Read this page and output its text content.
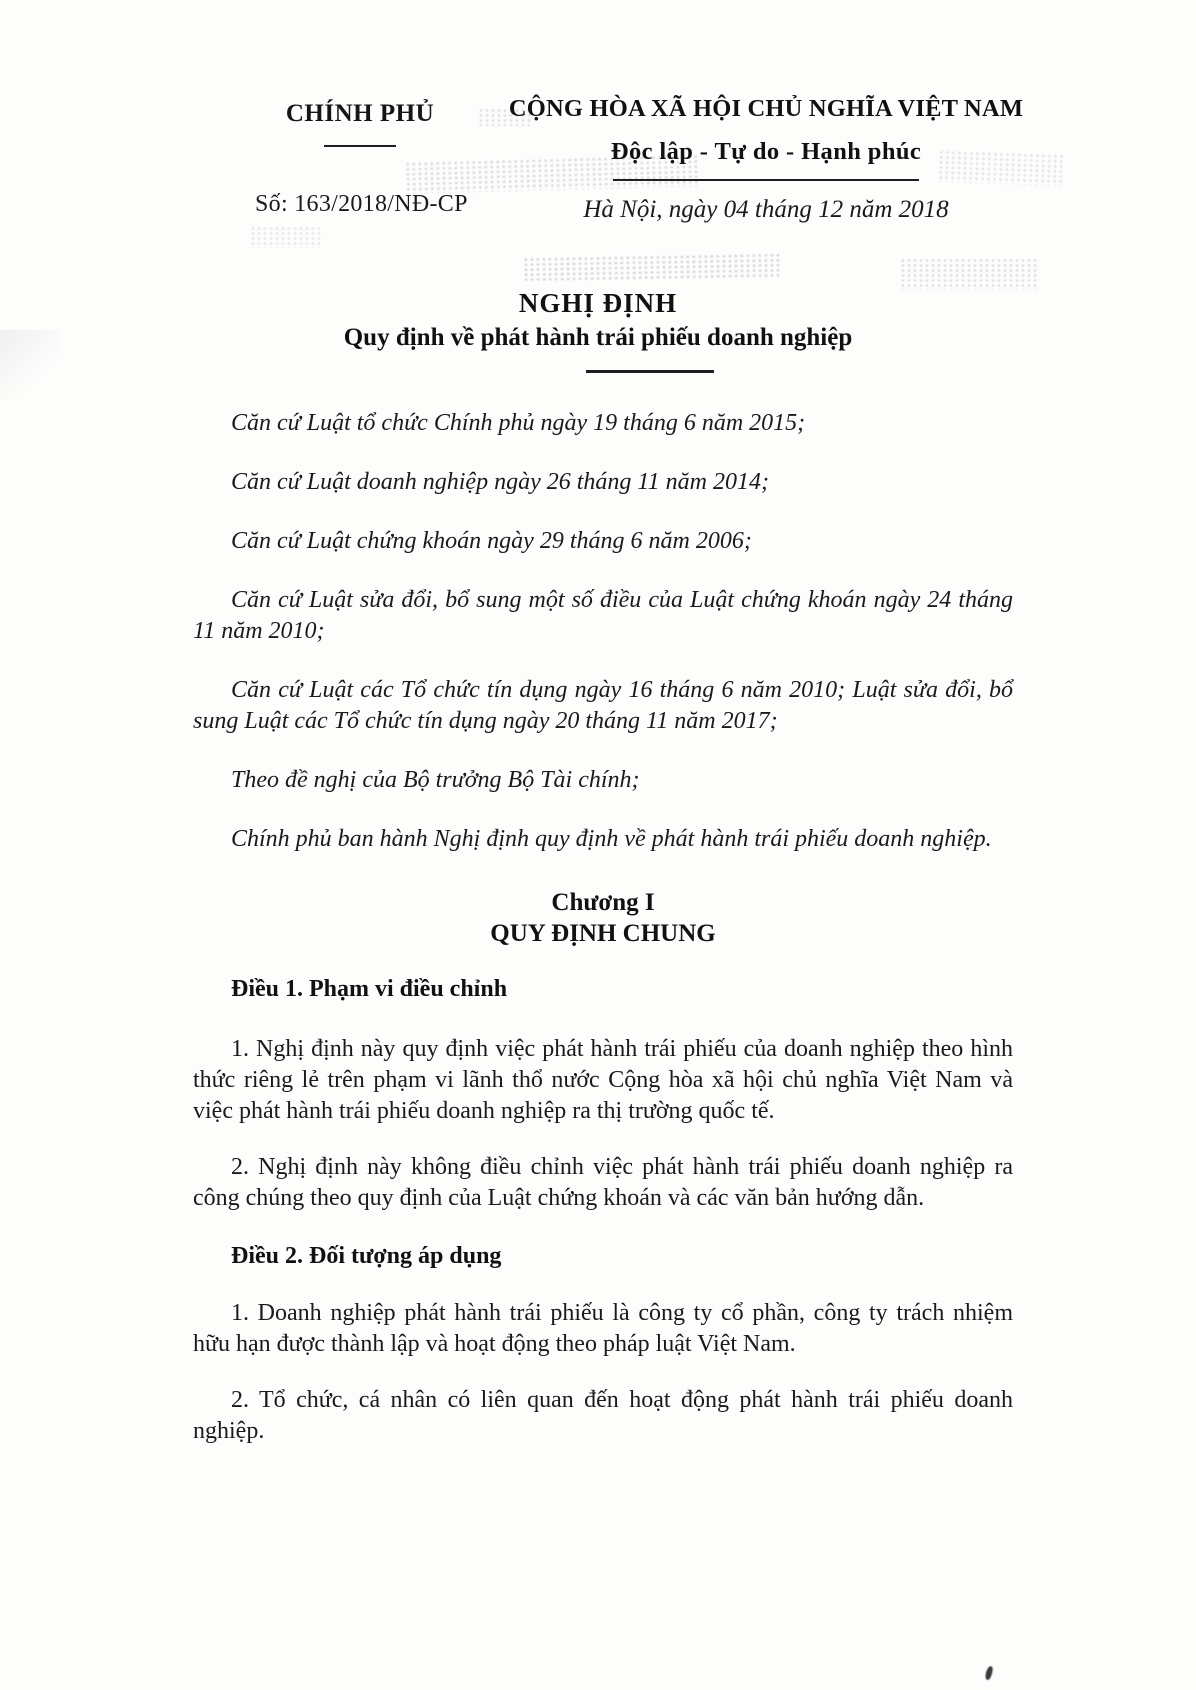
CHÍNH PHỦ
Số: 163/2018/NĐ-CP
CỘNG HÒA XÃ HỘI CHỦ NGHĨA VIỆT NAM
Độc lập - Tự do - Hạnh phúc
Hà Nội, ngày 04 tháng 12 năm 2018
NGHỊ ĐỊNH
Quy định về phát hành trái phiếu doanh nghiệp

Căn cứ Luật tổ chức Chính phủ ngày 19 tháng 6 năm 2015;

Căn cứ Luật doanh nghiệp ngày 26 tháng 11 năm 2014;

Căn cứ Luật chứng khoán ngày 29 tháng 6 năm 2006;

Căn cứ Luật sửa đổi, bổ sung một số điều của Luật chứng khoán ngày 24 tháng 11 năm 2010;

Căn cứ Luật các Tổ chức tín dụng ngày 16 tháng 6 năm 2010; Luật sửa đổi, bổ sung Luật các Tổ chức tín dụng ngày 20 tháng 11 năm 2017;

Theo đề nghị của Bộ trưởng Bộ Tài chính;

Chính phủ ban hành Nghị định quy định về phát hành trái phiếu doanh nghiệp.

Chương I
QUY ĐỊNH CHUNG

Điều 1. Phạm vi điều chỉnh

1. Nghị định này quy định việc phát hành trái phiếu của doanh nghiệp theo hình thức riêng lẻ trên phạm vi lãnh thổ nước Cộng hòa xã hội chủ nghĩa Việt Nam và việc phát hành trái phiếu doanh nghiệp ra thị trường quốc tế.

2. Nghị định này không điều chỉnh việc phát hành trái phiếu doanh nghiệp ra công chúng theo quy định của Luật chứng khoán và các văn bản hướng dẫn.

Điều 2. Đối tượng áp dụng

1. Doanh nghiệp phát hành trái phiếu là công ty cổ phần, công ty trách nhiệm hữu hạn được thành lập và hoạt động theo pháp luật Việt Nam.

2. Tổ chức, cá nhân có liên quan đến hoạt động phát hành trái phiếu doanh nghiệp.
